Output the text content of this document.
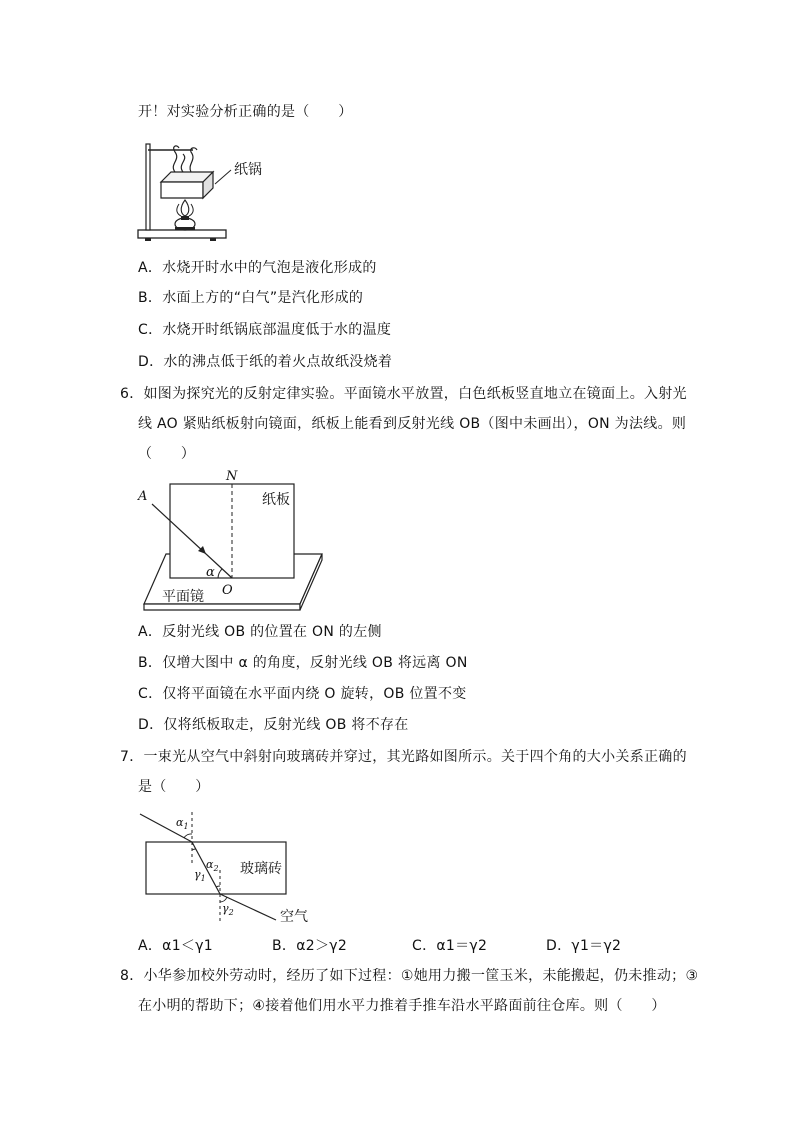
开！对实验分析正确的是（　　）
纸锅
A．水烧开时水中的气泡是液化形成的
B．水面上方的“白气”是汽化形成的
C．水烧开时纸锅底部温度低于水的温度
D．水的沸点低于纸的着火点故纸没烧着
6．如图为探究光的反射定律实验。平面镜水平放置，白色纸板竖直地立在镜面上。入射光
线 AO 紧贴纸板射向镜面，纸板上能看到反射光线 OB（图中未画出），ON 为法线。则
（　　）
A
N
O
α
纸板
平面镜
A．反射光线 OB 的位置在 ON 的左侧
B．仅增大图中 α 的角度，反射光线 OB 将远离 ON
C．仅将平面镜在水平面内绕 O 旋转，OB 位置不变
D．仅将纸板取走，反射光线 OB 将不存在
7．一束光从空气中斜射向玻璃砖并穿过，其光路如图所示。关于四个角的大小关系正确的
是（　　）
$\alpha_1$
$\alpha_2$
$\gamma_1$
$\gamma_2$
玻璃砖
空气
A．α1＜γ1	B．α2＞γ2	C．α1＝γ2	D．γ1＝γ2
8．小华参加校外劳动时，经历了如下过程：①她用力搬一筐玉米，未能搬起，仍未推动；③
在小明的帮助下；④接着他们用水平力推着手推车沿水平路面前往仓库。则（　　）
